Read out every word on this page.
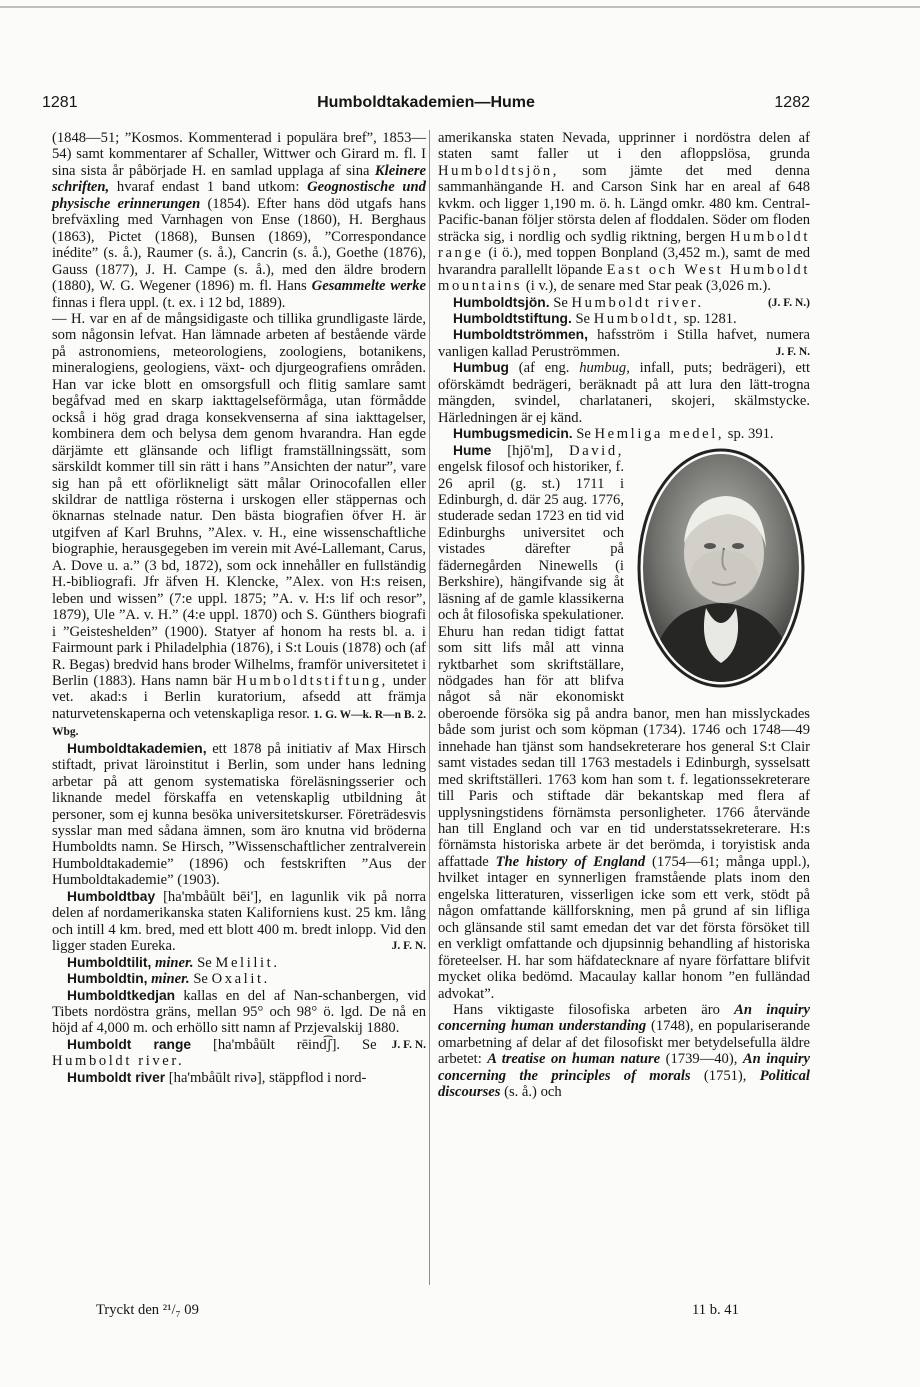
1281	Humboldtakademien—Hume	1282

(1848—51; ”Kosmos. Kommenterad i populära bref”, 1853—54) samt kommentarer af Schaller, Wittwer och Girard m. fl. I sina sista år påbörjade H. en samlad upplaga af sina Kleinere schriften, hvaraf endast 1 band utkom: Geognostische und physische erinnerungen (1854). Efter hans död utgafs hans brefväxling med Varnhagen von Ense (1860), H. Berghaus (1863), Pictet (1868), Bunsen (1869), ”Correspondance inédite” (s. å.), Raumer (s. å.), Cancrin (s. å.), Goethe (1876), Gauss (1877), J. H. Campe (s. å.), med den äldre brodern (1880), W. G. Wegener (1896) m. fl. Hans Gesammelte werke finnas i flera uppl. (t. ex. i 12 bd, 1889).

— H. var en af de mångsidigaste och tillika grundligaste lärde, som någonsin lefvat. Han lämnade arbeten af bestående värde på astronomiens, meteorologiens, zoologiens, botanikens, mineralogiens, geologiens, växt- och djurgeografiens områden. Han var icke blott en omsorgsfull och flitig samlare samt begåfvad med en skarp iakttagelseförmåga, utan förmådde också i hög grad draga konsekvenserna af sina iakttagelser, kombinera dem och belysa dem genom hvarandra. Han egde därjämte ett glänsande och lifligt framställningssätt, som särskildt kommer till sin rätt i hans ”Ansichten der natur”, vare sig han på ett oförlikneligt sätt målar Orinocofallen eller skildrar de nattliga rösterna i urskogen eller stäppernas och öknarnas stelnade natur. Den bästa biografien öfver H. är utgifven af Karl Bruhns, ”Alex. v. H., eine wissenschaftliche biographie, herausgegeben im verein mit Avé-Lallemant, Carus, A. Dove u. a.” (3 bd, 1872), som ock innehåller en fullständig H.-bibliografi. Jfr äfven H. Klencke, ”Alex. von H:s reisen, leben und wissen” (7:e uppl. 1875; ”A. v. H:s lif och resor”, 1879), Ule ”A. v. H.” (4:e uppl. 1870) och S. Günthers biografi i ”Geisteshelden” (1900). Statyer af honom ha rests bl. a. i Fairmount park i Philadelphia (1876), i S:t Louis (1878) och (af R. Begas) bredvid hans broder Wilhelms, framför universitetet i Berlin (1883). Hans namn bär Humboldtstiftung, under vet. akad:s i Berlin kuratorium, afsedd att främja naturvetenskaperna och vetenskapliga resor. 1. G. W—k. R—n B. 2. Wbg.

Humboldtakademien, ett 1878 på initiativ af Max Hirsch stiftadt, privat läroinstitut i Berlin, som under hans ledning arbetar på att genom systematiska föreläsningsserier och liknande medel förskaffa en vetenskaplig utbildning åt personer, som ej kunna besöka universitetskurser. Företrädesvis sysslar man med sådana ämnen, som äro knutna vid bröderna Humboldts namn. Se Hirsch, ”Wissenschaftlicher zentralverein Humboldtakademie” (1896) och festskriften ”Aus der Humboldtakademie” (1903).

Humboldtbay [ha'mbåūlt bēi'], en lagunlik vik på norra delen af nordamerikanska staten Kaliforniens kust. 25 km. lång och intill 4 km. bred, med ett blott 400 m. bredt inlopp. Vid den ligger staden Eureka.	J. F. N.

Humboldtilit, miner. Se Melilit.

Humboldtin, miner. Se Oxalit.

Humboldtkedjan kallas en del af Nan-schanbergen, vid Tibets nordöstra gräns, mellan 95° och 98° ö. lgd. De nå en höjd af 4,000 m. och erhöllo sitt namn af Przjevalskij 1880.
J. F. N.

Humboldt range [ha'mbåūlt rēind͡ʃ]. Se Humboldt river.

Humboldt river [ha'mbåūlt rivə], stäppflod i nord-

amerikanska staten Nevada, upprinner i nordöstra delen af staten samt faller ut i den afloppslösa, grunda Humboldtsjön, som jämte det med denna sammanhängande H. and Carson Sink har en areal af 648 kvkm. och ligger 1,190 m. ö. h. Längd omkr. 480 km. Central-Pacific-banan följer största delen af floddalen. Söder om floden sträcka sig, i nordlig och sydlig riktning, bergen Humboldt range (i ö.), med toppen Bonpland (3,452 m.), samt de med hvarandra parallellt löpande East och West Humboldt mountains (i v.), de senare med Star peak (3,026 m.).
(J. F. N.)

Humboldtsjön. Se Humboldt river.

Humboldtstiftung. Se Humboldt, sp. 1281.

Humboldtströmmen, hafsström i Stilla hafvet, numera vanligen kallad Peruströmmen.	J. F. N.

Humbug (af eng. humbug, infall, puts; bedrägeri), ett oförskämdt bedrägeri, beräknadt på att lura den lätt-trogna mängden, svindel, charlataneri, skojeri, skälmstycke. Härledningen är ej känd.

Humbugsmedicin. Se Hemliga medel, sp. 391.

Hume [hjō'm], David,
engelsk filosof och historiker, f. 26 april (g. st.) 1711 i Edinburgh, d. där 25 aug. 1776, studerade sedan 1723 en tid vid Edinburghs universitet och vistades därefter på fädernegården Ninewells (i Berkshire), hängifvande sig åt läsning af de gamle klassikerna och åt filosofiska spekulationer. Ehuru han redan tidigt fattat som sitt lifs mål att vinna ryktbarhet som skriftställare, nödgades han för att blifva något så när ekonomiskt oberoende försöka sig på andra banor, men han misslyckades både som jurist och som köpman (1734). 1746 och 1748—49 innehade han tjänst som handsekreterare hos general S:t Clair samt vistades sedan till 1763 mestadels i Edinburgh, sysselsatt med skriftställeri. 1763 kom han som t. f. legationssekreterare till Paris och stiftade där bekantskap med flera af upplysningstidens förnämsta personligheter. 1766 återvände han till England och var en tid understatssekreterare. H:s förnämsta historiska arbete är det berömda, i toryistisk anda affattade The history of England (1754—61; många uppl.), hvilket intager en synnerligen framstående plats inom den engelska litteraturen, visserligen icke som ett verk, stödt på någon omfattande källforskning, men på grund af sin lifliga och glänsande stil samt emedan det var det första försöket till en verkligt omfattande och djupsinnig behandling af historiska företeelser. H. har som häfdatecknare af nyare författare blifvit mycket olika bedömd. Macaulay kallar honom ”en fulländad advokat”.

Hans viktigaste filosofiska arbeten äro An inquiry concerning human understanding (1748), en populariserande omarbetning af delar af det filosofiskt mer betydelsefulla äldre arbetet: A treatise on human nature (1739—40), An inquiry concerning the principles of morals (1751), Political discourses (s. å.) och

Tryckt den ²¹/₇ 09	11 b. 41
